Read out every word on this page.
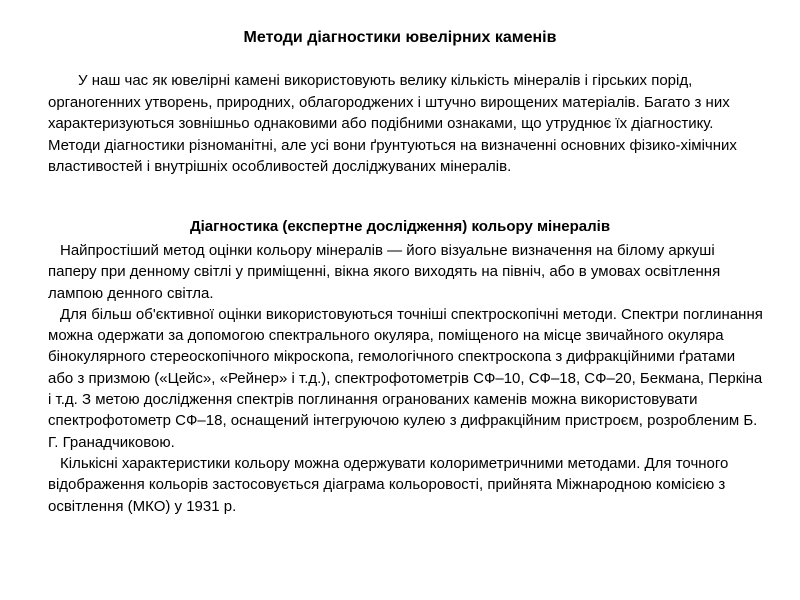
Методи діагностики ювелірних каменів

У наш час як ювелірні камені використовують велику кількість мінералів і гірських порід, органогенних утворень, природних, облагороджених і штучно вирощених матеріалів. Багато з них характеризуються зовнішньо однаковими або подібними ознаками, що утруднює їх діагностику. Методи діагностики різноманітні, але усі вони ґрунтуються на визначенні основних фізико-хімічних властивостей і внутрішніх особливостей досліджуваних мінералів.

Діагностика (експертне дослідження) кольору мінералів

Найпростіший метод оцінки кольору мінералів — його візуальне визначення на білому аркуші паперу при денному світлі у приміщенні, вікна якого виходять на північ, або в умовах освітлення лампою денного світла.

Для більш об'єктивної оцінки використовуються точніші спектроскопічні методи. Спектри поглинання можна одержати за допомогою спектрального окуляра, поміщеного на місце звичайного окуляра бінокулярного стереоскопічного мікроскопа, гемологічного спектроскопа з дифракційними ґратами або з призмою («Цейс», «Рейнер» і т.д.), спектрофотометрів СФ–10, СФ–18, СФ–20, Бекмана, Перкіна і т.д. З метою дослідження спектрів поглинання огранованих каменів можна використовувати спектрофотометр СФ–18, оснащений інтегруючою кулею з дифракційним пристроєм, розробленим Б. Г. Гранадчиковою.

Кількісні характеристики кольору можна одержувати колориметричними методами. Для точного відображення кольорів застосовується діаграма кольоровості, прийнята Міжнародною комісією з освітлення (МКО) у 1931 р.
